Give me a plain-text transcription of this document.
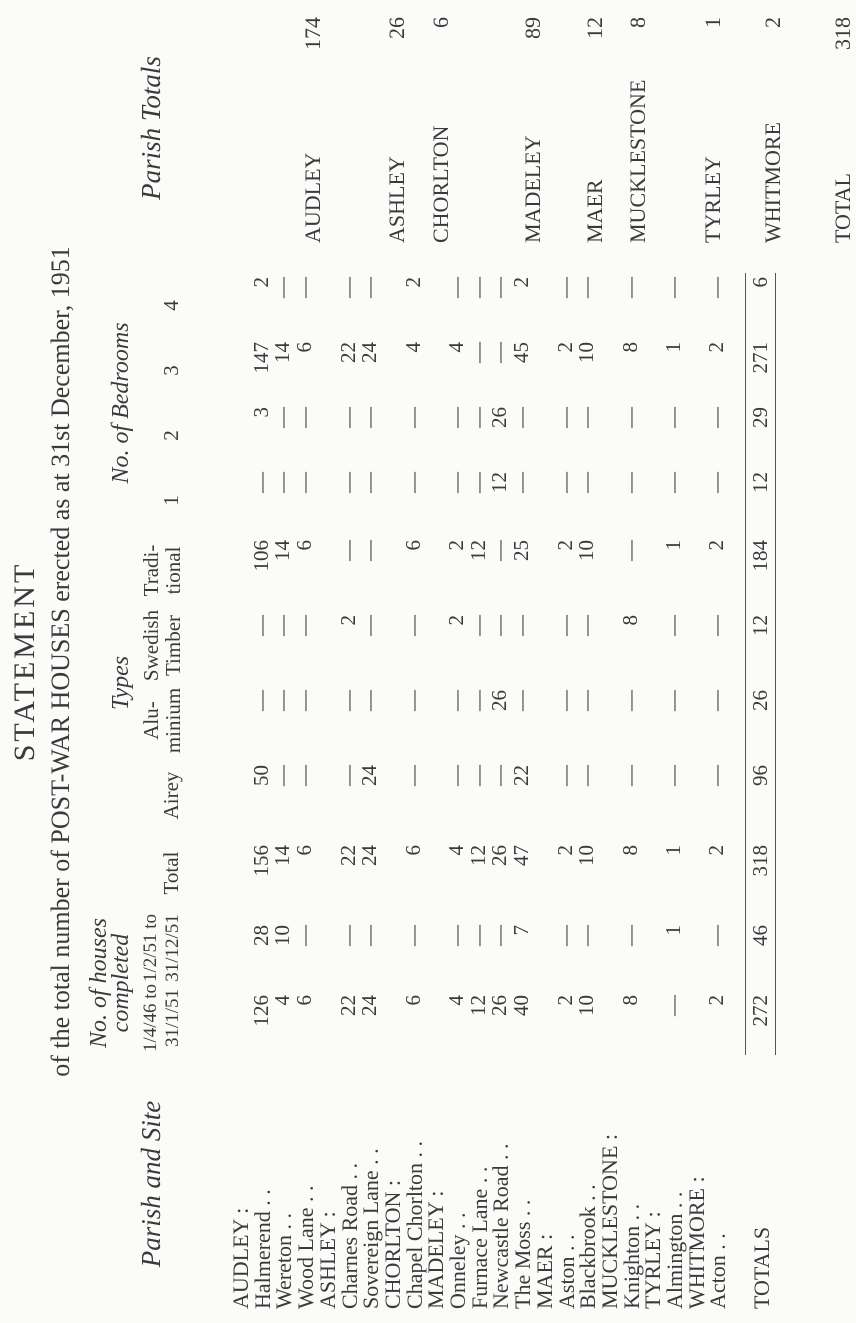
STATEMENT of the total number of POST-WAR HOUSES erected as at 31st December, 1951
Parish and Site
No. of houses completed 1/4/46 to 31/1/51
1/2/51 to 31/12/51
Total
Types
Airey
Alu- minium
Swedish Timber
Tradi- tional
No. of Bedrooms
1
2
3
4
Parish Totals
AUDLEY :
Halmerend . .
126
28
156
50
—
—
106
—
3
147
2
Wereton . .
4
10
14
—
—
—
14
—
—
14
—
Wood Lane . .
6
—
6
—
—
—
6
—
—
6
—
ASHLEY :
Charnes Road . .
22
—
22
—
—
2
—
—
—
22
—
Sovereign Lane . .
24
—
24
24
—
—
—
—
—
24
—
CHORLTON :
Chapel Chorlton . .
6
—
6
—
—
—
6
—
—
4
2
MADELEY :
Onneley . .
4
—
4
—
—
2
2
—
—
4
—
Furnace Lane . .
12
—
12
—
—
—
12
—
—
—
—
Newcastle Road . .
26
—
26
—
26
—
—
12
26
—
—
The Moss . .
40
7
47
22
—
—
25
—
—
45
2
MAER :
Aston . .
2
—
2
—
—
—
2
—
—
2
—
Blackbrook . .
10
—
10
—
—
—
10
—
—
10
—
MUCKLESTONE :
Knighton . .
8
—
8
—
—
8
—
—
—
8
—
TYRLEY :
Almington . .
—
1
1
—
—
—
1
—
—
1
—
WHITMORE :
Acton . .
2
—
2
—
—
—
2
—
—
2
—
TOTALS
272
46
318
96
26
12
184
12
29
271
6
AUDLEY
174
ASHLEY
26
CHORLTON
6
MADELEY
89
MAER
12
MUCKLESTONE
8
TYRLEY
1
WHITMORE
2
TOTAL
318
